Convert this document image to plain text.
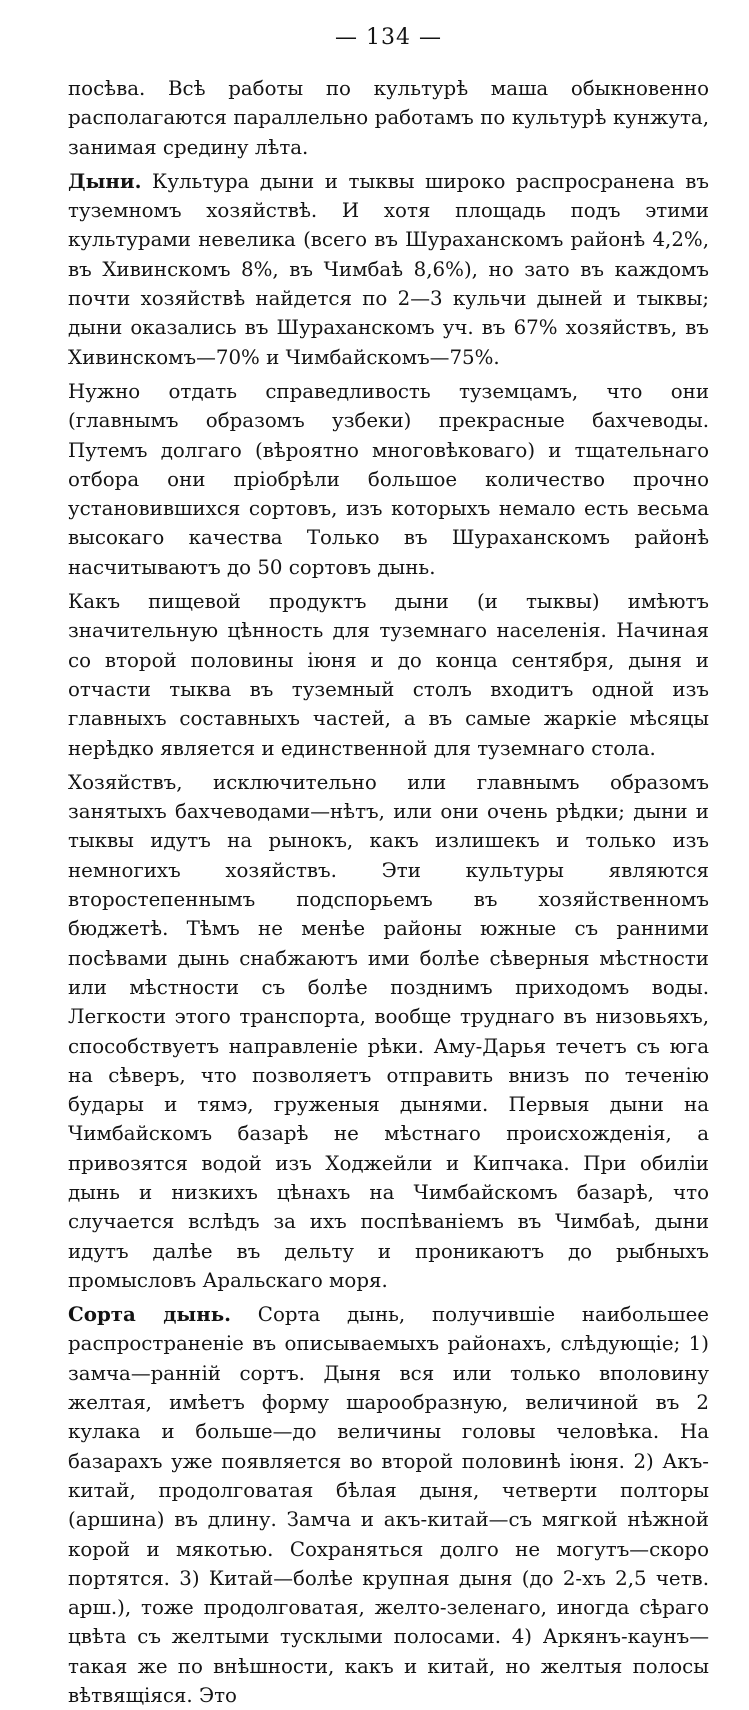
— 134 —

посѣва. Всѣ работы по культурѣ маша обыкновенно располагаются параллельно работамъ по культурѣ кунжута, занимая средину лѣта.

Дыни. Культура дыни и тыквы широко распросранена въ туземномъ хозяйствѣ. И хотя площадь подъ этими культурами невелика (всего въ Шураханскомъ районѣ 4,2%, въ Хивинскомъ 8%, въ Чимбаѣ 8,6%), но зато въ каждомъ почти хозяйствѣ найдется по 2—3 кульчи дыней и тыквы; дыни оказались въ Шураханскомъ уч. въ 67% хозяйствъ, въ Хивинскомъ—70% и Чимбайскомъ—75%.

Нужно отдать справедливость туземцамъ, что они (главнымъ образомъ узбеки) прекрасные бахчеводы. Путемъ долгаго (вѣроятно многовѣковаго) и тщательнаго отбора они пріобрѣли большое количество прочно установившихся сортовъ, изъ которыхъ немало есть весьма высокаго качества Только въ Шураханскомъ районѣ насчитываютъ до 50 сортовъ дынь.

Какъ пищевой продуктъ дыни (и тыквы) имѣютъ значительную цѣнность для туземнаго населенія. Начиная со второй половины іюня и до конца сентября, дыня и отчасти тыква въ туземный столъ входитъ одной изъ главныхъ составныхъ частей, а въ самые жаркіе мѣсяцы нерѣдко является и единственной для туземнаго стола.

Хозяйствъ, исключительно или главнымъ образомъ занятыхъ бахчеводами—нѣтъ, или они очень рѣдки; дыни и тыквы идутъ на рынокъ, какъ излишекъ и только изъ немногихъ хозяйствъ. Эти культуры являются второстепеннымъ подспорьемъ въ хозяйственномъ бюджетѣ. Тѣмъ не менѣе районы южные съ ранними посѣвами дынь снабжаютъ ими болѣе сѣверныя мѣстности или мѣстности съ болѣе позднимъ приходомъ воды. Легкости этого транспорта, вообще труднаго въ низовьяхъ, способствуетъ направленіе рѣки. Аму-Дарья течетъ съ юга на сѣверъ, что позволяетъ отправить внизъ по теченію будары и тямэ, груженыя дынями. Первыя дыни на Чимбайскомъ базарѣ не мѣстнаго происхожденія, а привозятся водой изъ Ходжейли и Кипчака. При обиліи дынь и низкихъ цѣнахъ на Чимбайскомъ базарѣ, что случается вслѣдъ за ихъ поспѣваніемъ въ Чимбаѣ, дыни идутъ далѣе въ дельту и проникаютъ до рыбныхъ промысловъ Аральскаго моря.

Сорта дынь. Сорта дынь, получившіе наибольшее распространеніе въ описываемыхъ районахъ, слѣдующіе; 1) замча—ранній сортъ. Дыня вся или только вполовину желтая, имѣетъ форму шарообразную, величиной въ 2 кулака и больше—до величины головы человѣка. На базарахъ уже появляется во второй половинѣ іюня. 2) Акъ-китай, продолговатая бѣлая дыня, четверти полторы (аршина) въ длину. Замча и акъ-китай—съ мягкой нѣжной корой и мякотью. Сохраняться долго не могутъ—скоро портятся. 3) Китай—болѣе крупная дыня (до 2-хъ 2,5 четв. арш.), тоже продолговатая, желто-зеленаго, иногда сѣраго цвѣта съ желтыми тусклыми полосами. 4) Аркянъ-каунъ—такая же по внѣшности, какъ и китай, но желтыя полосы вѣтвящіяся. Это
